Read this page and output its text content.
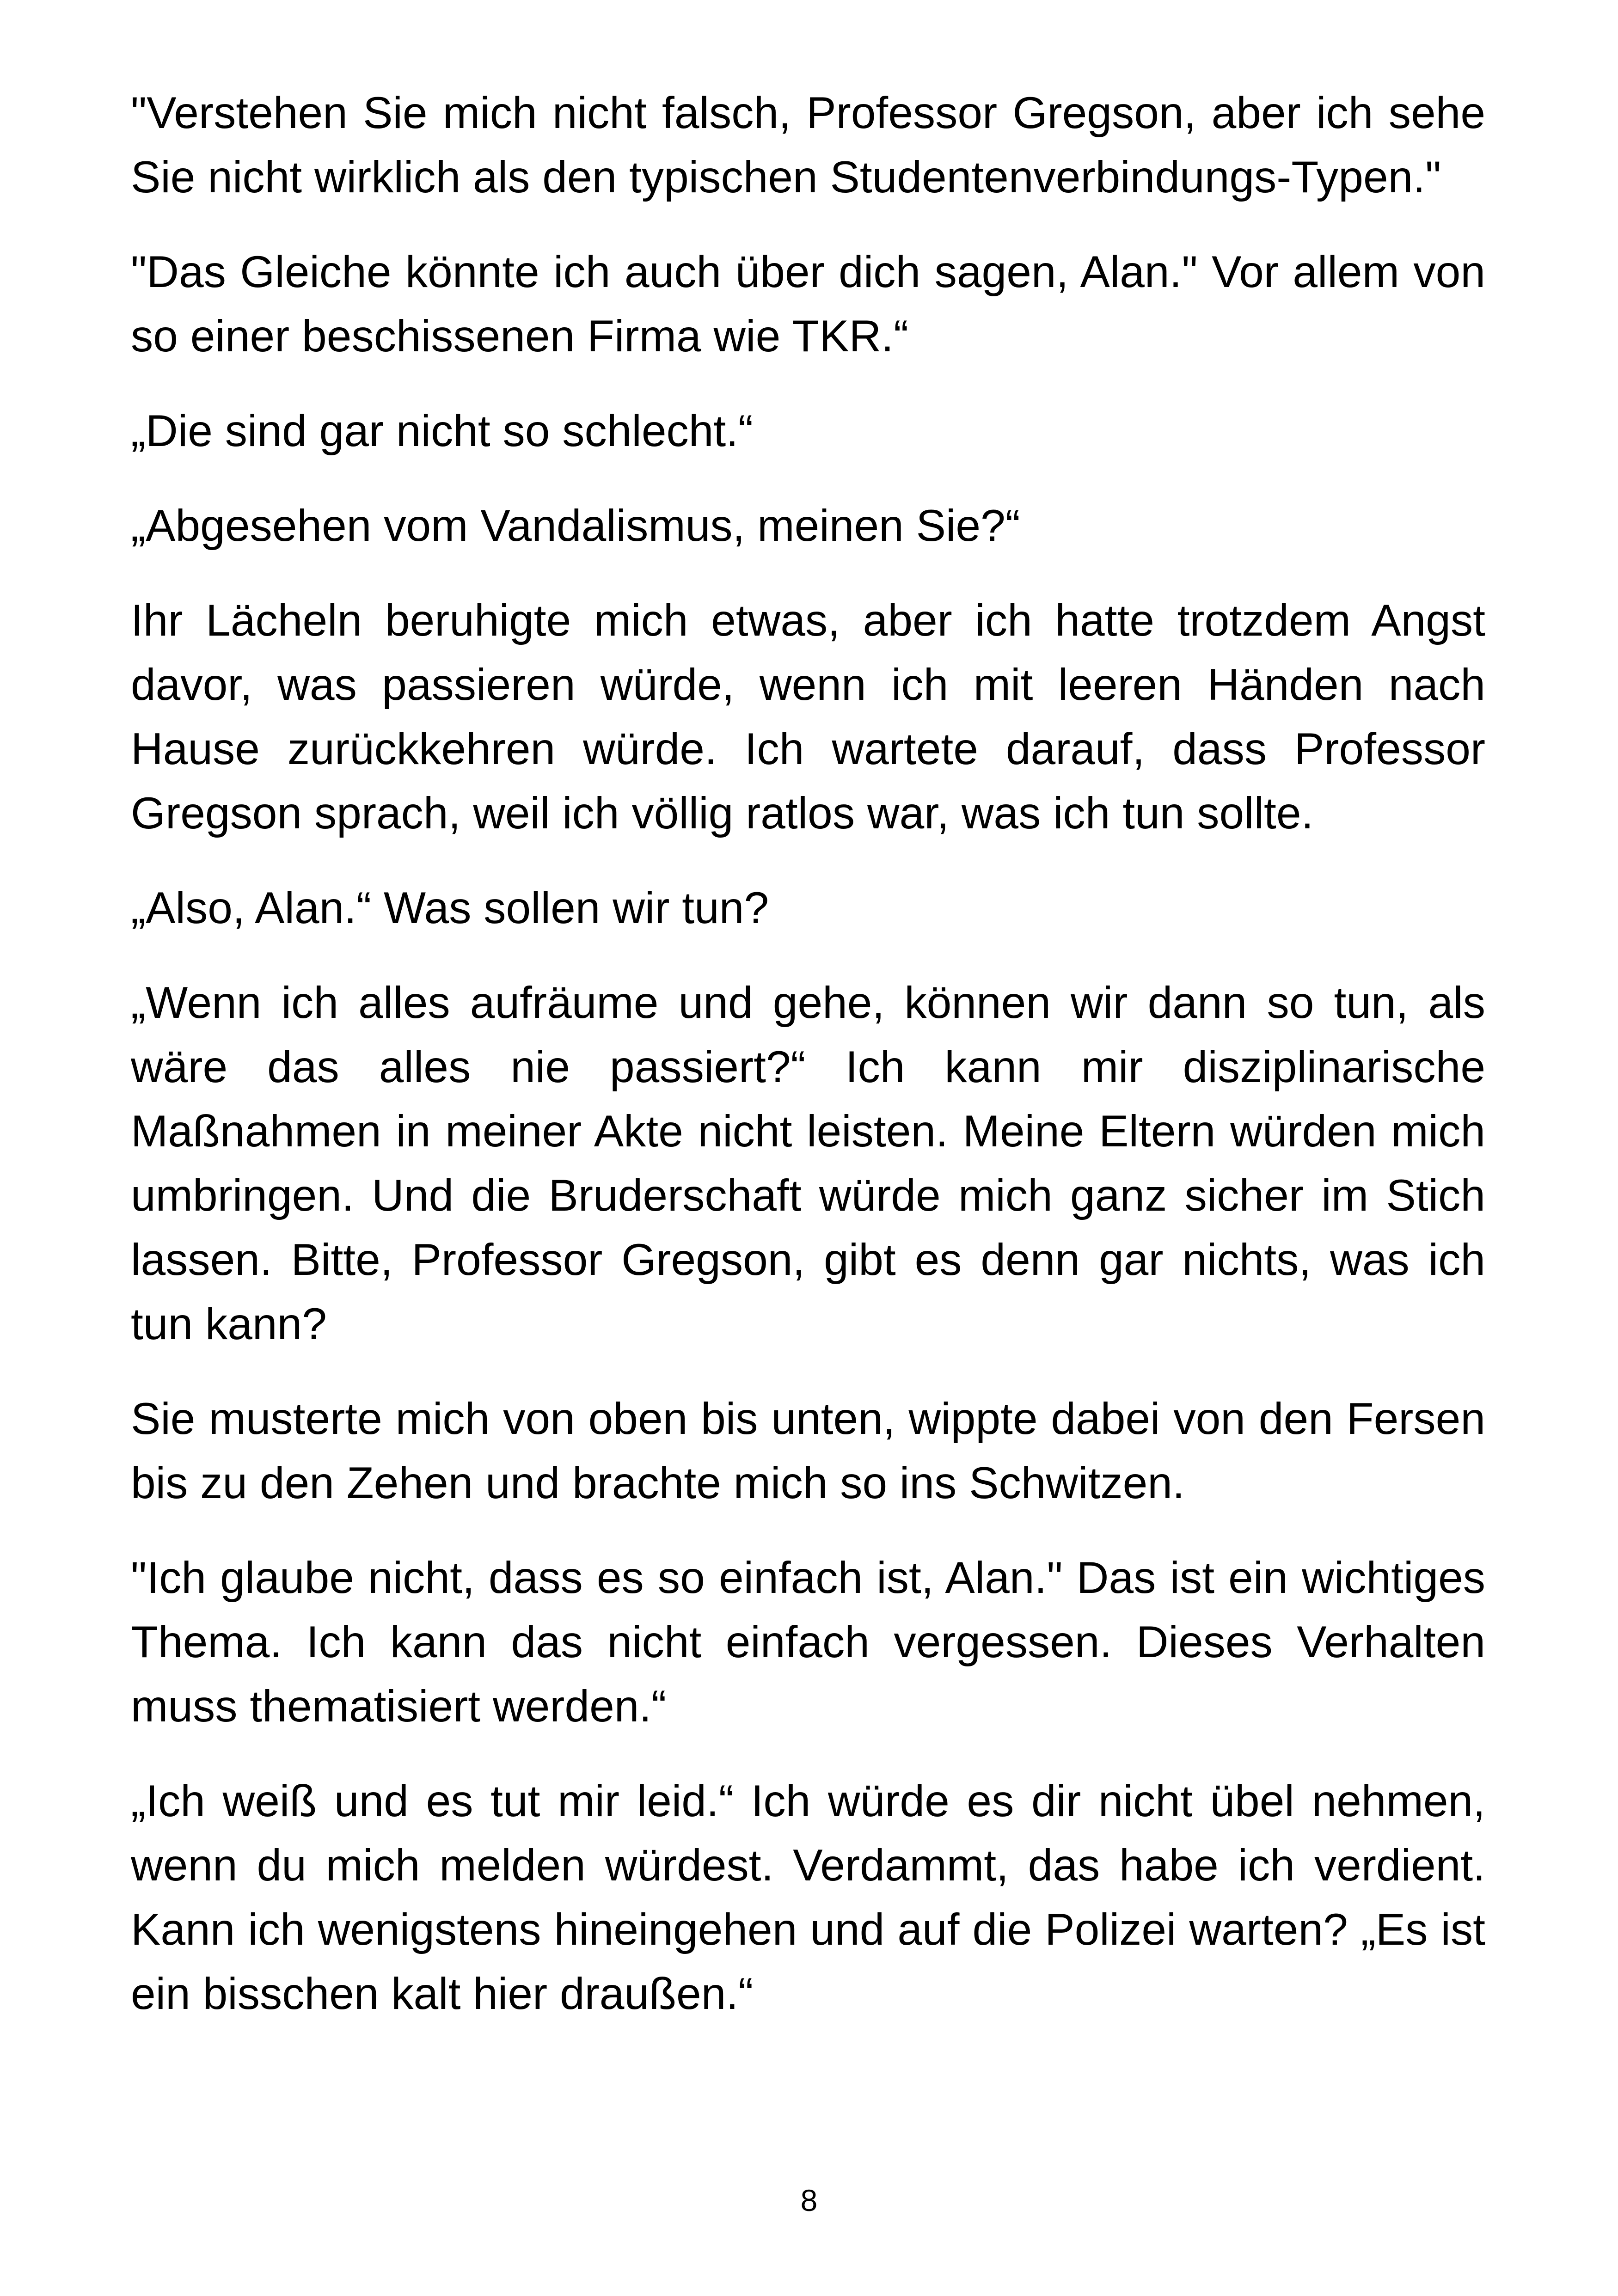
"Verstehen Sie mich nicht falsch, Professor Gregson, aber ich sehe Sie nicht wirklich als den typischen Studentenverbindungs-Typen."

"Das Gleiche könnte ich auch über dich sagen, Alan." Vor allem von so einer beschissenen Firma wie TKR.“

„Die sind gar nicht so schlecht.“

„Abgesehen vom Vandalismus, meinen Sie?“

Ihr Lächeln beruhigte mich etwas, aber ich hatte trotzdem Angst davor, was passieren würde, wenn ich mit leeren Händen nach Hause zurückkehren würde. Ich wartete darauf, dass Professor Gregson sprach, weil ich völlig ratlos war, was ich tun sollte.

„Also, Alan.“ Was sollen wir tun?

„Wenn ich alles aufräume und gehe, können wir dann so tun, als wäre das alles nie passiert?“ Ich kann mir disziplinarische Maßnahmen in meiner Akte nicht leisten. Meine Eltern würden mich umbringen. Und die Bruderschaft würde mich ganz sicher im Stich lassen. Bitte, Professor Gregson, gibt es denn gar nichts, was ich tun kann?

Sie musterte mich von oben bis unten, wippte dabei von den Fersen bis zu den Zehen und brachte mich so ins Schwitzen.

"Ich glaube nicht, dass es so einfach ist, Alan." Das ist ein wichtiges Thema. Ich kann das nicht einfach vergessen. Dieses Verhalten muss thematisiert werden.“

„Ich weiß und es tut mir leid.“ Ich würde es dir nicht übel nehmen, wenn du mich melden würdest. Verdammt, das habe ich verdient. Kann ich wenigstens hineingehen und auf die Polizei warten? „Es ist ein bisschen kalt hier draußen.“

8
